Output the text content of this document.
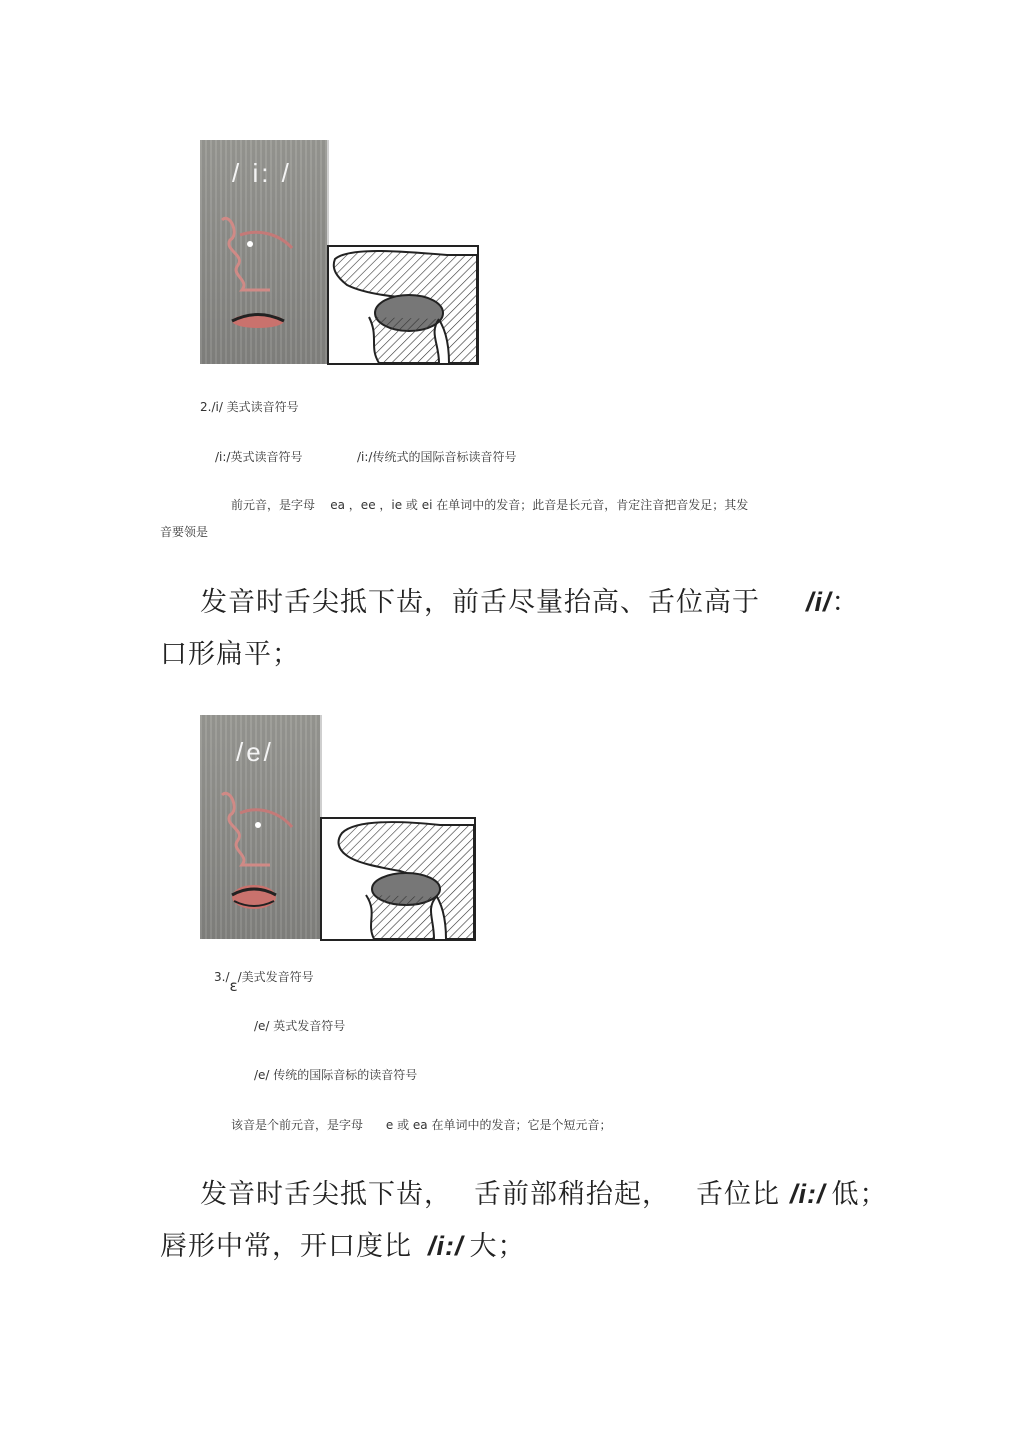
/ i: /
2./i/ 美式读音符号
/i:/英式读音符号	/i:/传统式的国际音标读音符号
前元音，是字母    ea ，ee ，ie 或 ei 在单词中的发音；此音是长元音，肯定注音把音发足；其发
音要领是
发音时舌尖抵下齿，前舌尽量抬高、舌位高于 /i/：
口形扁平；
/e/
3./ε/美式发音符号
/e/ 英式发音符号
/e/ 传统的国际音标的读音符号
该音是个前元音，是字母      e 或 ea 在单词中的发音；它是个短元音；
发音时舌尖抵下齿， 舌前部稍抬起， 舌位比 /i:/ 低；
唇形中常，开口度比 /i:/ 大；
